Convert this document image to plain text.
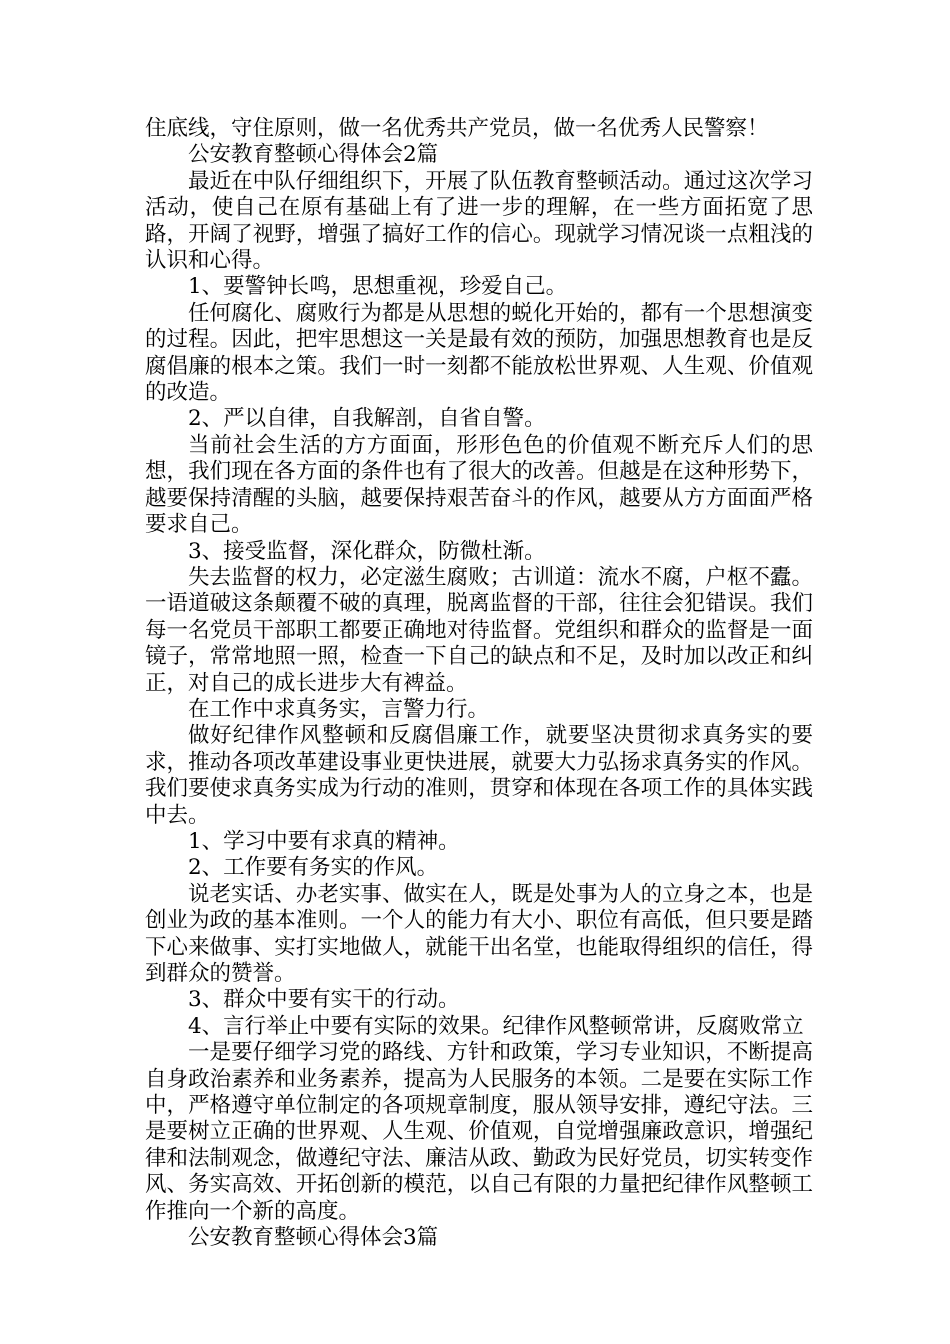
住底线，守住原则，做一名优秀共产党员，做一名优秀人民警察！

公安教育整顿心得体会2篇

最近在中队仔细组织下，开展了队伍教育整顿活动。通过这次学习活动，使自己在原有基础上有了进一步的理解，在一些方面拓宽了思路，开阔了视野，增强了搞好工作的信心。现就学习情况谈一点粗浅的认识和心得。

1、要警钟长鸣，思想重视，珍爱自己。

任何腐化、腐败行为都是从思想的蜕化开始的，都有一个思想演变的过程。因此，把牢思想这一关是最有效的预防，加强思想教育也是反腐倡廉的根本之策。我们一时一刻都不能放松世界观、人生观、价值观的改造。

2、严以自律，自我解剖，自省自警。

当前社会生活的方方面面，形形色色的价值观不断充斥人们的思想，我们现在各方面的条件也有了很大的改善。但越是在这种形势下，越要保持清醒的头脑，越要保持艰苦奋斗的作风，越要从方方面面严格要求自己。

3、接受监督，深化群众，防微杜渐。

失去监督的权力，必定滋生腐败；古训道：流水不腐，户枢不蠹。一语道破这条颠覆不破的真理，脱离监督的干部，往往会犯错误。我们每一名党员干部职工都要正确地对待监督。党组织和群众的监督是一面镜子，常常地照一照，检查一下自己的缺点和不足，及时加以改正和纠正，对自己的成长进步大有裨益。

在工作中求真务实，言警力行。

做好纪律作风整顿和反腐倡廉工作，就要坚决贯彻求真务实的要求，推动各项改革建设事业更快进展，就要大力弘扬求真务实的作风。我们要使求真务实成为行动的准则，贯穿和体现在各项工作的具体实践中去。

1、学习中要有求真的精神。

2、工作要有务实的作风。

说老实话、办老实事、做实在人，既是处事为人的立身之本，也是创业为政的基本准则。一个人的能力有大小、职位有高低，但只要是踏下心来做事、实打实地做人，就能干出名堂，也能取得组织的信任，得到群众的赞誉。

3、群众中要有实干的行动。

4、言行举止中要有实际的效果。纪律作风整顿常讲，反腐败常立

一是要仔细学习党的路线、方针和政策，学习专业知识，不断提高自身政治素养和业务素养，提高为人民服务的本领。二是要在实际工作中，严格遵守单位制定的各项规章制度，服从领导安排，遵纪守法。三是要树立正确的世界观、人生观、价值观，自觉增强廉政意识，增强纪律和法制观念，做遵纪守法、廉洁从政、勤政为民好党员，切实转变作风、务实高效、开拓创新的模范，以自己有限的力量把纪律作风整顿工作推向一个新的高度。

公安教育整顿心得体会3篇
